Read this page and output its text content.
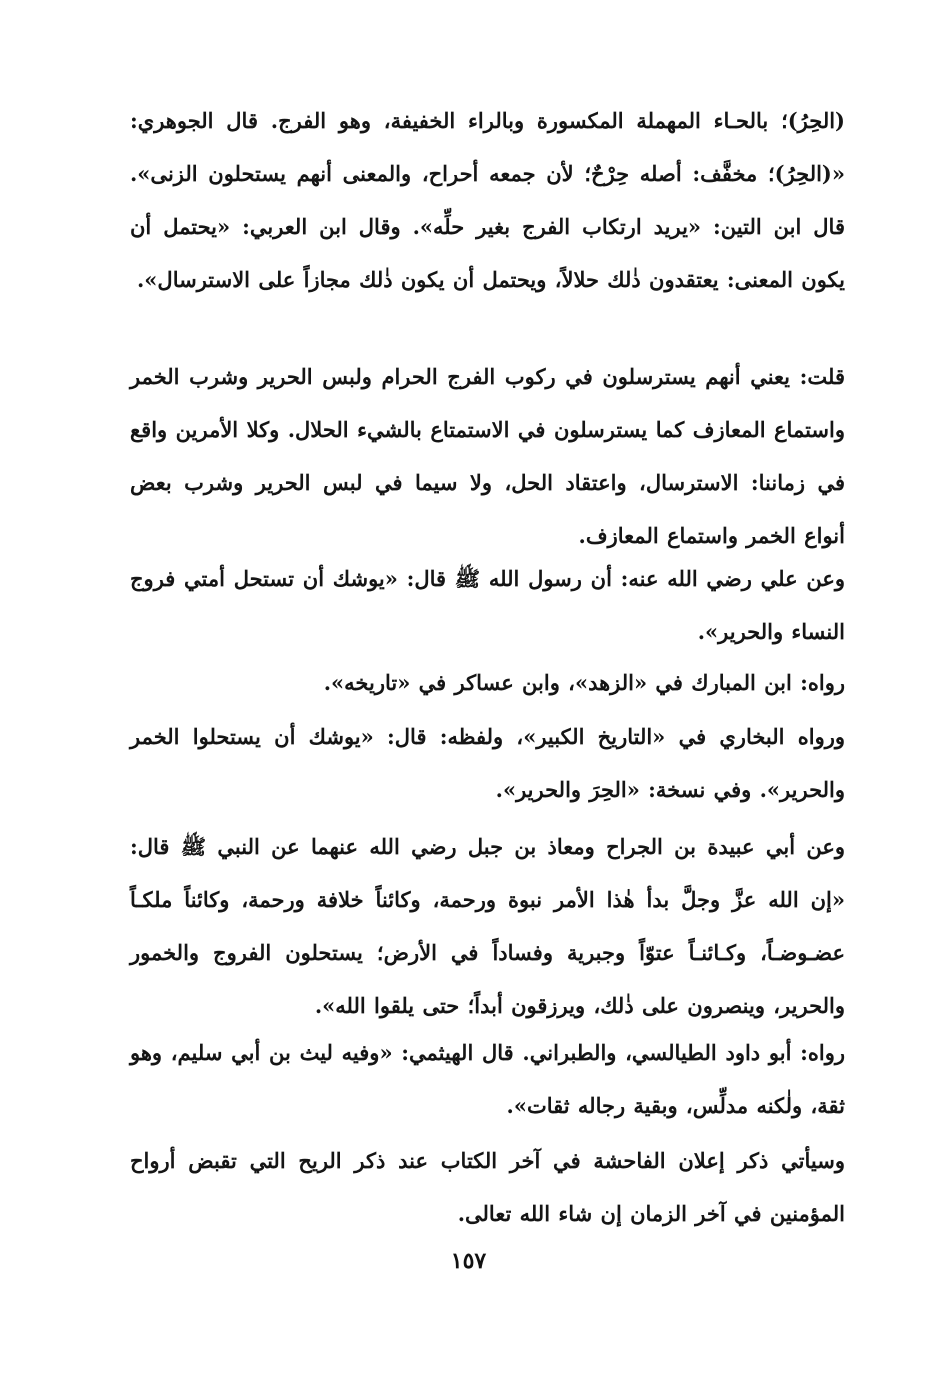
(الحِرُ)؛ بالحـاء المهملة المكسورة وبالراء الخفيفة، وهو الفرج. قال الجوهري: «(الحِرُ)؛ مخفَّف: أصله حِرْحٌ؛ لأن جمعه أحراح، والمعنى أنهم يستحلون الزنى». قال ابن التين: «يريد ارتكاب الفرج بغير حلِّه». وقال ابن العربي: «يحتمل أن يكون المعنى: يعتقدون ذٰلك حلالاً، ويحتمل أن يكون ذٰلك مجازاً على الاسترسال».

قلت: يعني أنهم يسترسلون في ركوب الفرج الحرام ولبس الحرير وشرب الخمر واستماع المعازف كما يسترسلون في الاستمتاع بالشيء الحلال. وكلا الأمرين واقع في زماننا: الاسترسال، واعتقاد الحل، ولا سيما في لبس الحرير وشرب بعض أنواع الخمر واستماع المعازف.

وعن علي رضي الله عنه: أن رسول الله ﷺ قال: «يوشك أن تستحل أمتي فروج النساء والحرير».

رواه: ابن المبارك في «الزهد»، وابن عساكر في «تاريخه».

ورواه البخاري في «التاريخ الكبير»، ولفظه: قال: «يوشك أن يستحلوا الخمر والحرير». وفي نسخة: «الحِرَ والحرير».

وعن أبي عبيدة بن الجراح ومعاذ بن جبل رضي الله عنهما عن النبي ﷺ قال: «إن الله عزَّ وجلَّ بدأ هٰذا الأمر نبوة ورحمة، وكائناً خلافة ورحمة، وكائناً ملكـاً عضـوضـاً، وكـائنـاً عتوّاً وجبرية وفساداً في الأرض؛ يستحلون الفروج والخمور والحرير، وينصرون على ذٰلك، ويرزقون أبداً؛ حتى يلقوا الله».

رواه: أبو داود الطيالسي، والطبراني. قال الهيثمي: «وفيه ليث بن أبي سليم، وهو ثقة، ولٰكنه مدلِّس، وبقية رجاله ثقات».

وسيأتي ذكر إعلان الفاحشة في آخر الكتاب عند ذكر الريح التي تقبض أرواح المؤمنين في آخر الزمان إن شاء الله تعالى.

١٥٧
